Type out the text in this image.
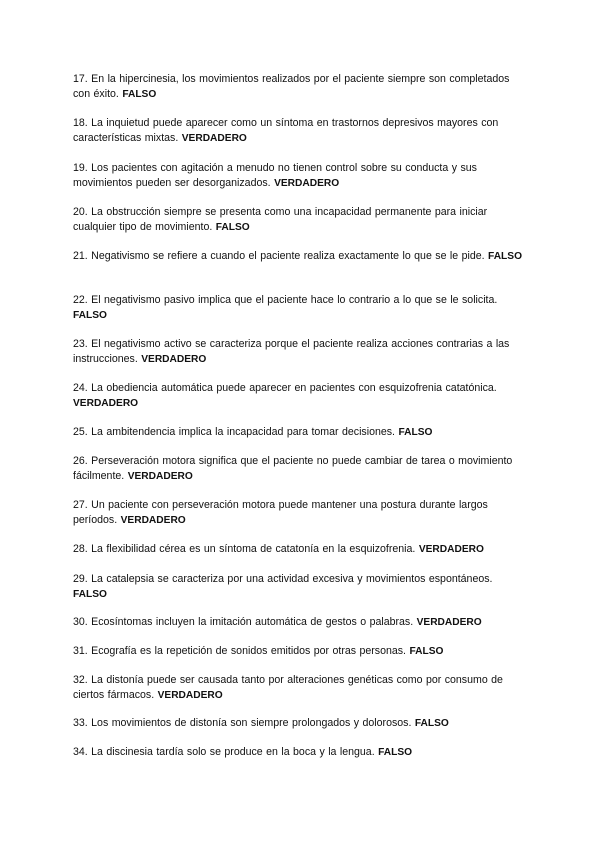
17. En la hipercinesia, los movimientos realizados por el paciente siempre son completados con éxito. FALSO
18. La inquietud puede aparecer como un síntoma en trastornos depresivos mayores con características mixtas. VERDADERO
19. Los pacientes con agitación a menudo no tienen control sobre su conducta y sus movimientos pueden ser desorganizados. VERDADERO
20. La obstrucción siempre se presenta como una incapacidad permanente para iniciar cualquier tipo de movimiento. FALSO
21. Negativismo se refiere a cuando el paciente realiza exactamente lo que se le pide. FALSO
22. El negativismo pasivo implica que el paciente hace lo contrario a lo que se le solicita. FALSO
23. El negativismo activo se caracteriza porque el paciente realiza acciones contrarias a las instrucciones. VERDADERO
24. La obediencia automática puede aparecer en pacientes con esquizofrenia catatónica. VERDADERO
25. La ambitendencia implica la incapacidad para tomar decisiones. FALSO
26. Perseveración motora significa que el paciente no puede cambiar de tarea o movimiento fácilmente. VERDADERO
27. Un paciente con perseveración motora puede mantener una postura durante largos períodos. VERDADERO
28. La flexibilidad cérea es un síntoma de catatonía en la esquizofrenia. VERDADERO
29. La catalepsia se caracteriza por una actividad excesiva y movimientos espontáneos. FALSO
30. Ecosíntomas incluyen la imitación automática de gestos o palabras. VERDADERO
31. Ecografía es la repetición de sonidos emitidos por otras personas. FALSO
32. La distonía puede ser causada tanto por alteraciones genéticas como por consumo de ciertos fármacos. VERDADERO
33. Los movimientos de distonía son siempre prolongados y dolorosos. FALSO
34. La discinesia tardía solo se produce en la boca y la lengua. FALSO
